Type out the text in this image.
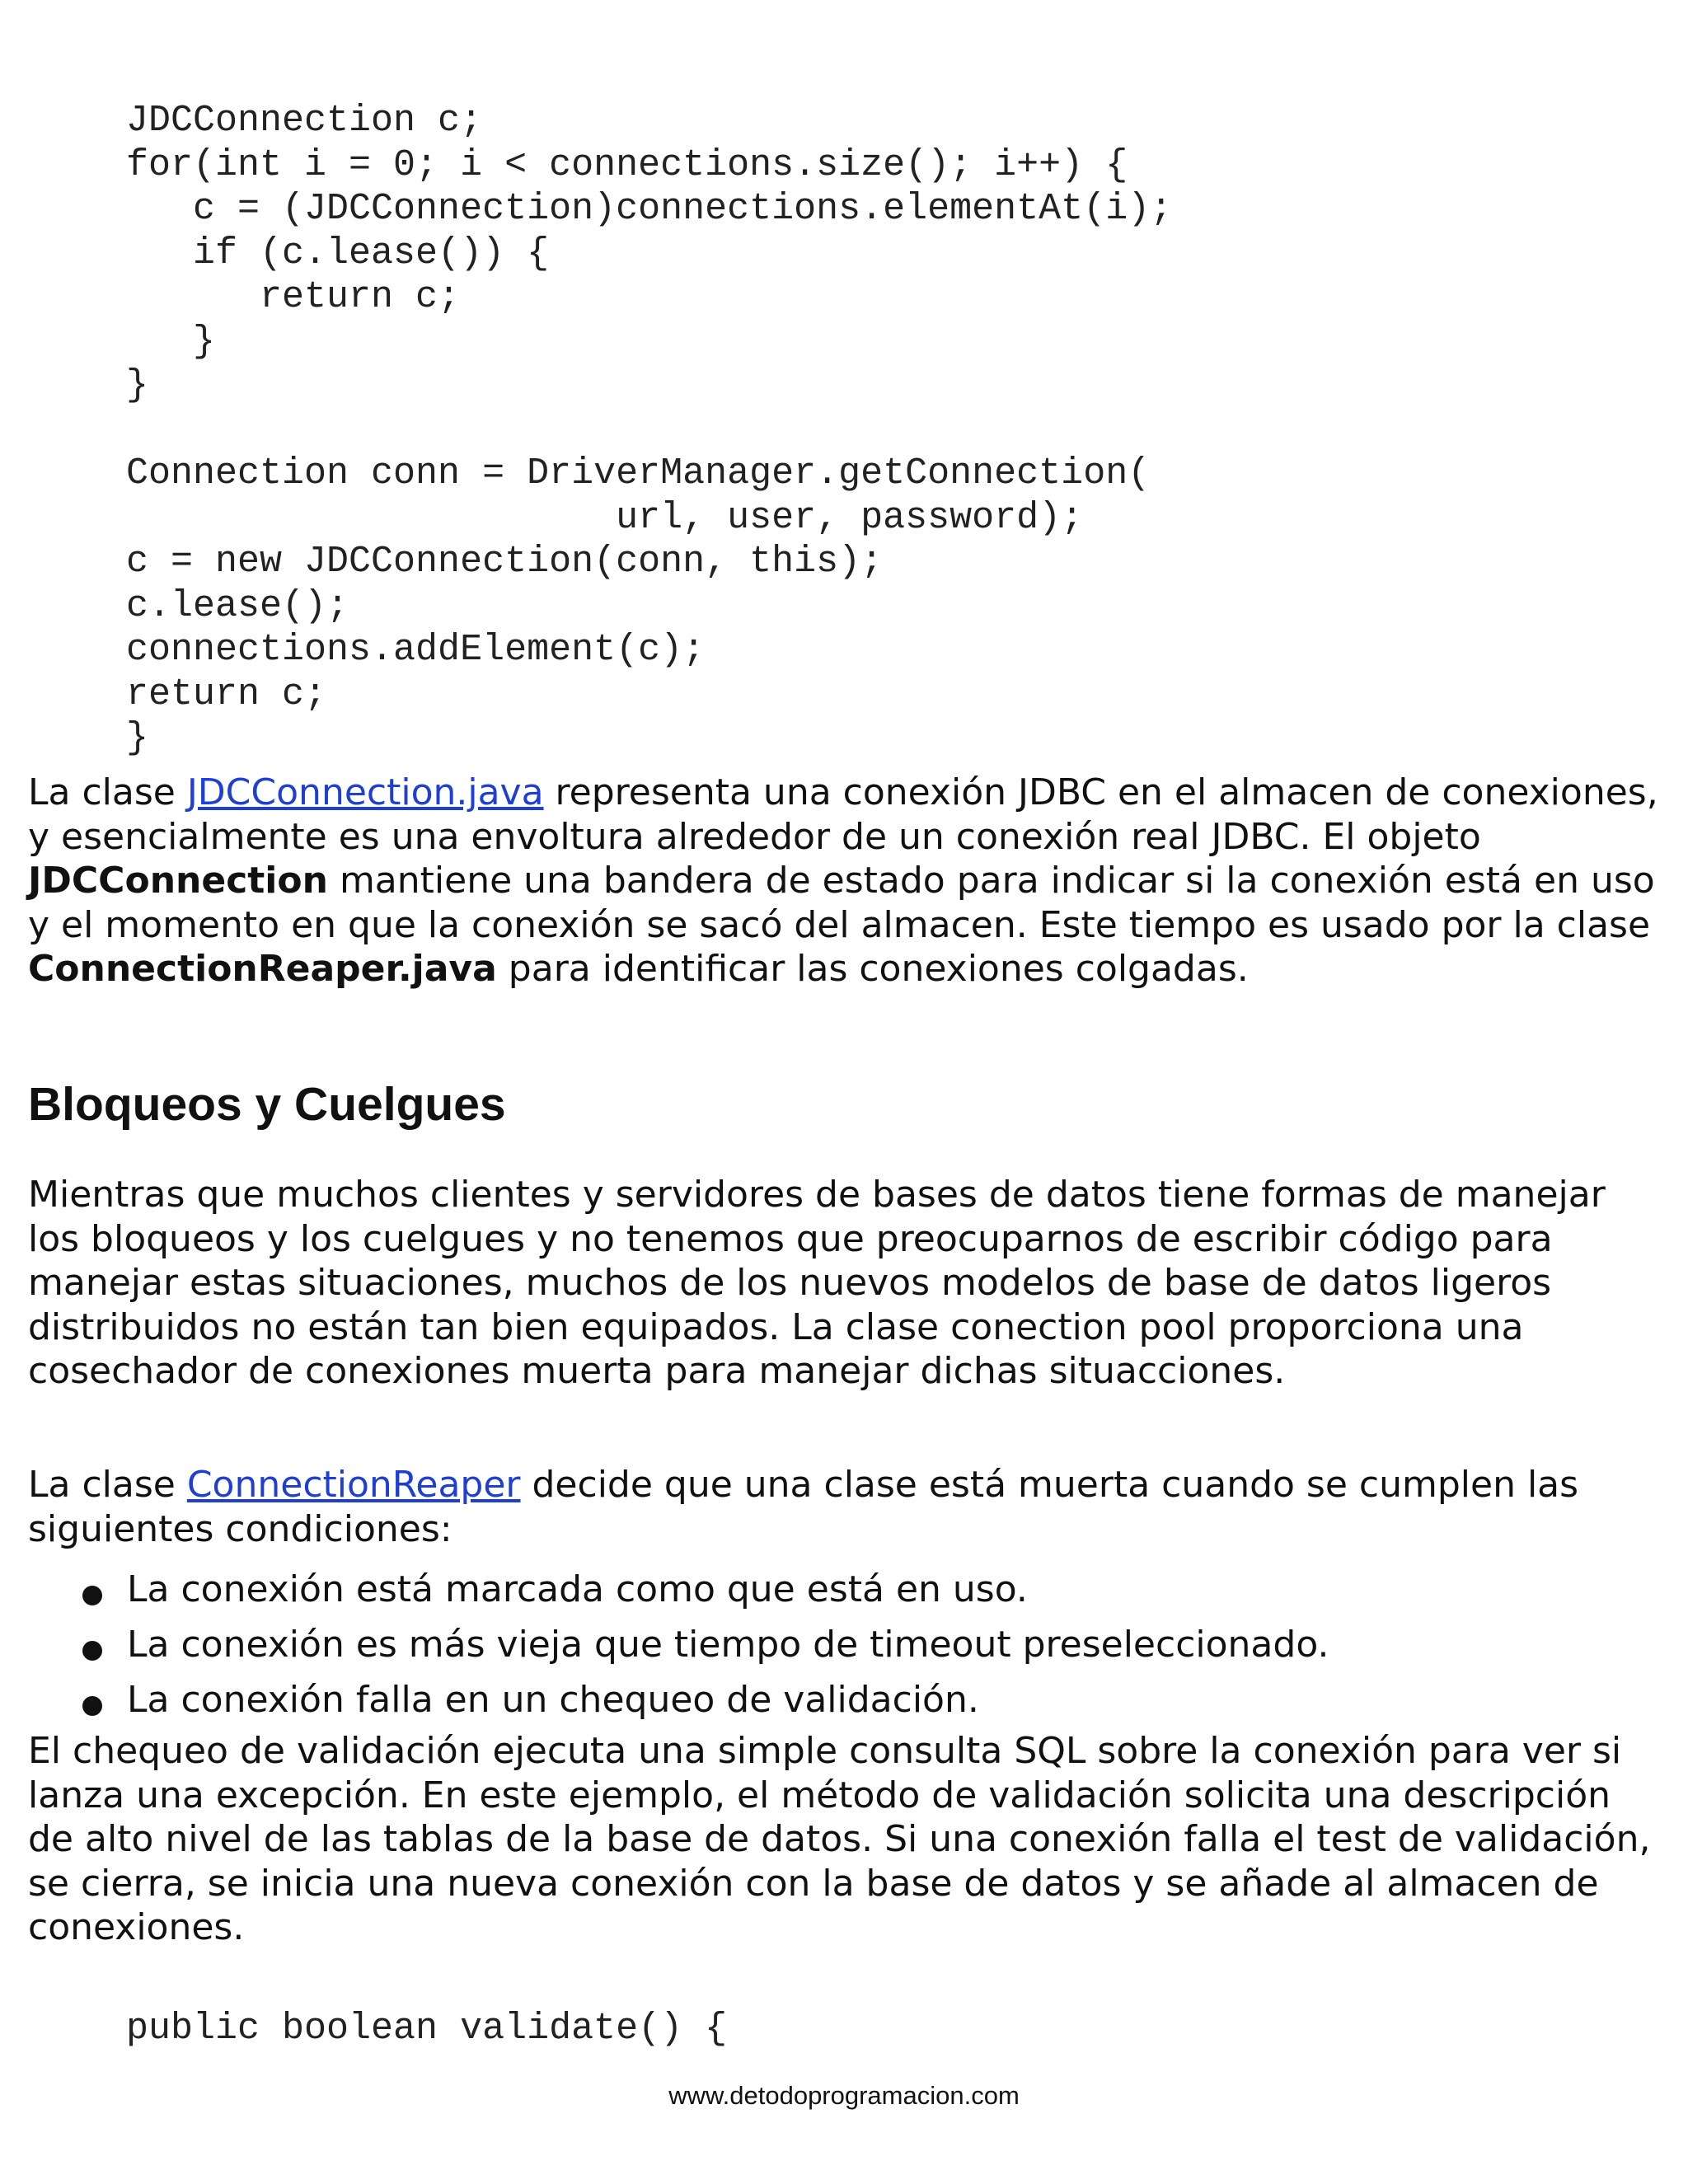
JDCConnection c;
for(int i = 0; i < connections.size(); i++) {
c = (JDCConnection)connections.elementAt(i);
if (c.lease()) {
return c;
}
}

Connection conn = DriverManager.getConnection(
url, user, password);
c = new JDCConnection(conn, this);
c.lease();
connections.addElement(c);
return c;
}

La clase JDCConnection.java representa una conexión JDBC en el almacen de conexiones, y esencialmente es una envoltura alrededor de un conexión real JDBC. El objeto JDCConnection mantiene una bandera de estado para indicar si la conexión está en uso y el momento en que la conexión se sacó del almacen. Este tiempo es usado por la clase ConnectionReaper.java para identificar las conexiones colgadas.

Bloqueos y Cuelgues

Mientras que muchos clientes y servidores de bases de datos tiene formas de manejar los bloqueos y los cuelgues y no tenemos que preocuparnos de escribir código para manejar estas situaciones, muchos de los nuevos modelos de base de datos ligeros distribuidos no están tan bien equipados. La clase conection pool proporciona una cosechador de conexiones muerta para manejar dichas situacciones.

La clase ConnectionReaper decide que una clase está muerta cuando se cumplen las siguientes condiciones:

La conexión está marcada como que está en uso.
La conexión es más vieja que tiempo de timeout preseleccionado.
La conexión falla en un chequeo de validación.

El chequeo de validación ejecuta una simple consulta SQL sobre la conexión para ver si lanza una excepción. En este ejemplo, el método de validación solicita una descripción de alto nivel de las tablas de la base de datos. Si una conexión falla el test de validación, se cierra, se inicia una nueva conexión con la base de datos y se añade al almacen de conexiones.

public boolean validate() {
www.detodoprogramacion.com
